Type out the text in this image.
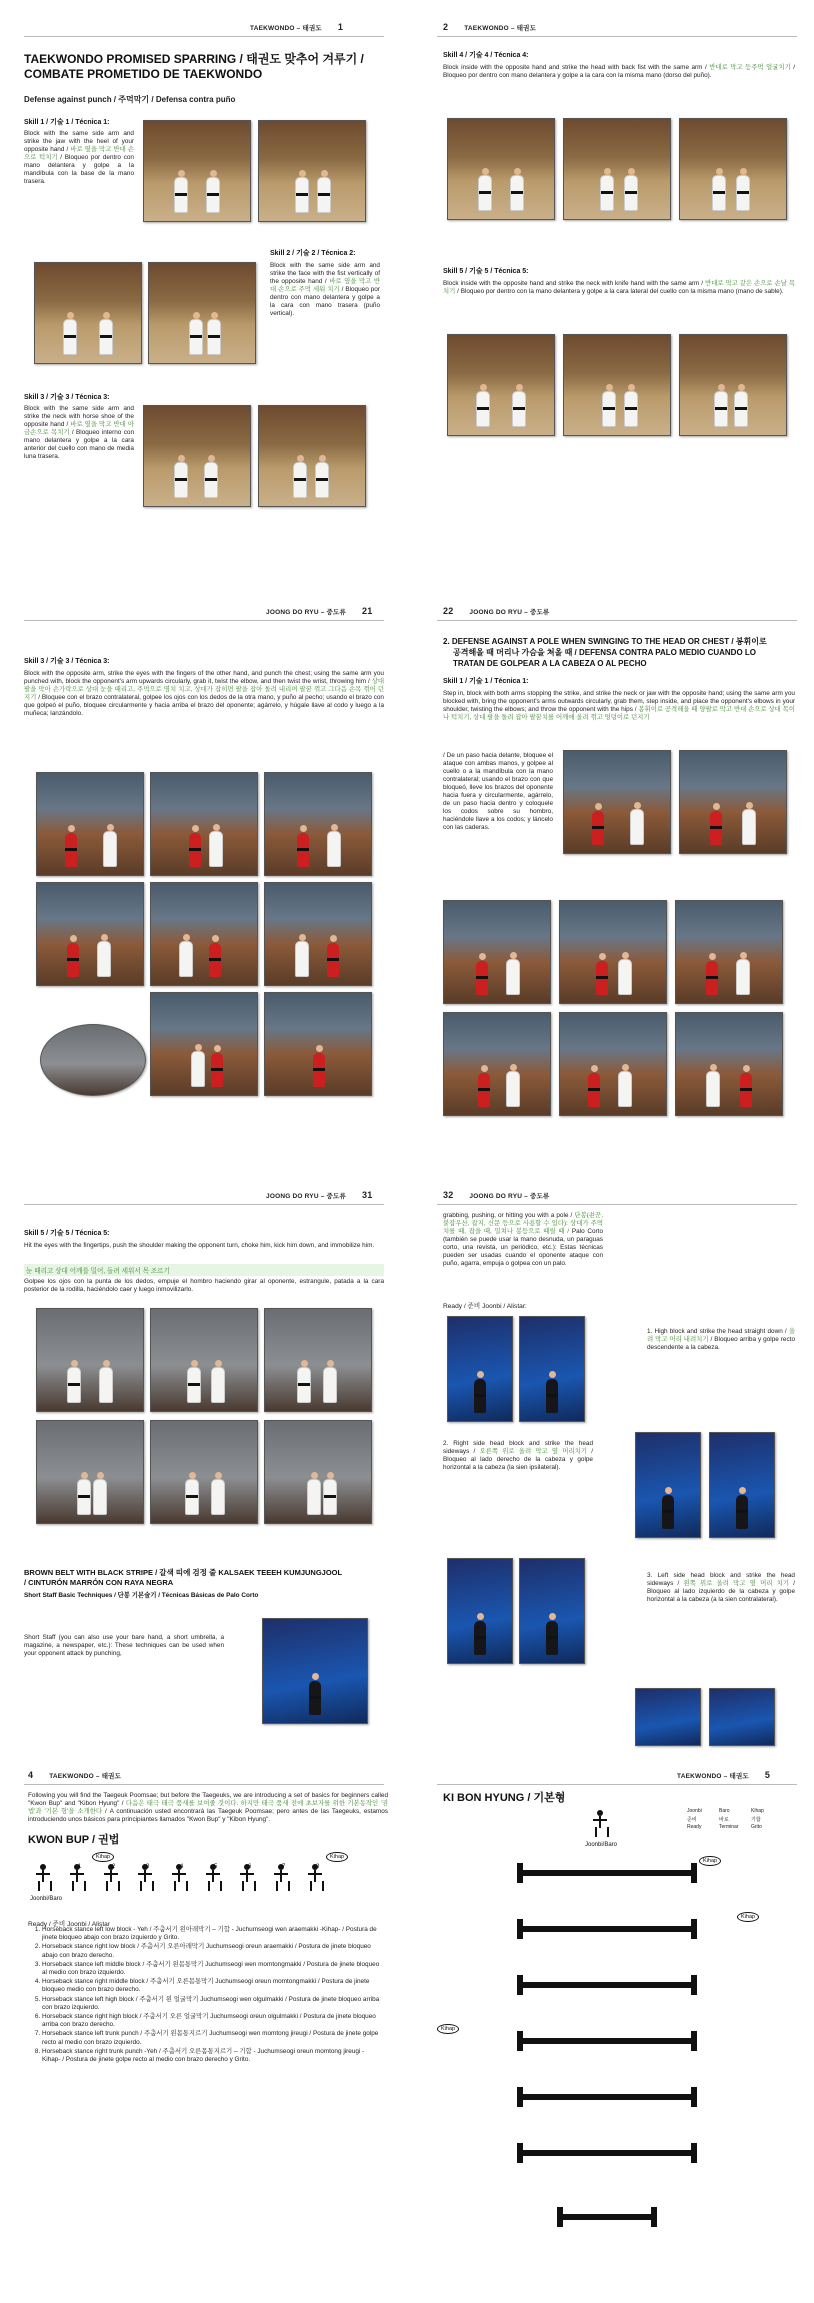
TAEKWONDO – 태권도 1
TAEKWONDO PROMISED SPARRING / 태권도 맞추어 겨루기 /
COMBATE PROMETIDO DE TAEKWONDO
Defense against punch / 주먹막기 / Defensa contra puño
Skill 1 / 기술 1 / Técnica 1:
Block with the same side arm and strike the jaw with the heel of your opposite hand / 바로 옆을 막고 반대 손으로 턱치기 / Bloqueo por dentro con mano delantera y golpe a la mandíbula con la base de la mano trasera.
Skill 2 / 기술 2 / Técnica 2:
Block with the same side arm and strike the face with the fist vertically of the opposite hand / 바로 옆을 막고 반대 손으로 주먹 세워 치기 / Bloqueo por dentro con mano delantera y golpe a la cara con mano trasera (puño vertical).
Skill 3 / 기술 3 / Técnica 3:
Block with the same side arm and strike the neck with horse shoe of the opposite hand / 바로 옆을 막고 반대 아금손으로 목치기 / Bloqueo interno con mano delantera y golpe a la cara anterior del cuello con mano de media luna trasera.
2 TAEKWONDO – 태권도
Skill 4 / 기술 4 / Técnica 4:
Block inside with the opposite hand and strike the head with back fist with the same arm / 반대로 막고 등주먹 얼굴치기 / Bloqueo por dentro con mano delantera y golpe a la cara con la misma mano (dorso del puño).
Skill 5 / 기술 5 / Técnica 5:
Block inside with the opposite hand and strike the neck with knife hand with the same arm / 반대로 막고 같은 손으로 손날 목치기 / Bloqueo por dentro con la mano delantera y golpe a la cara lateral del cuello con la misma mano (mano de sable).
JOONG DO RYU – 중도류 21
Skill 3 / 기술 3 / Técnica 3:
Block with the opposite arm, strike the eyes with the fingers of the other hand, and punch the chest; using the same arm you punched with, block the opponent's arm upwards circularly, grab it, twist the elbow, and then twist the wrist, throwing him / 상대 팔을 막아 손가락으로 상대 눈을 때리고, 주먹으로 명치 치고, 상대가 잡히면 팔을 잡아 돌려 내리며 팔꿈 꺾고 그다음 손목 꺾어 던지기 / Bloquee con el brazo contralateral, golpee los ojos con los dedos de la otra mano, y puño al pecho; usando el brazo con que golpeó el puño, bloquee circularmente y hacia arriba el brazo del oponente; agárrelo, y húgale llave al codo y luego a la muñeca; lanzándolo.
22 JOONG DO RYU – 중도류
2. DEFENSE AGAINST A POLE WHEN SWINGING TO THE HEAD OR CHEST / 봉휘이로
공격해올 때 머리나 가슴을 쳐올 때 / DEFENSA CONTRA PALO MEDIO CUANDO LO
TRATAN DE GOLPEAR A LA CABEZA O AL PECHO
Skill 1 / 기술 1 / Técnica 1:
Step in, block with both arms stopping the strike, and strike the neck or jaw with the opposite hand; using the same arm you blocked with, bring the opponent's arms outwards circularly, grab them, step inside, and place the opponent's elbows in your shoulder, twisting the elbows; and throw the opponent with the hips / 봉휘이로 공격해올 때 양팔로 막고 반대 손으로 상대 목이나 턱치기, 상대 팔을 돌려 잡아 팔꿈치를 어깨에 올려 꺾고 엉덩이로 던지기
/ De un paso hacia delante, bloquee el ataque con ambas manos, y golpee al cuello o a la mandíbula con la mano contralateral; usando el brazo con que bloqueó, lleve los brazos del oponente hacia fuera y circularmente, agárrelo, de un paso hacia dentro y coloquele los codos sobre su hombro, haciéndole llave a los codos; y láncelo con las caderas.
JOONG DO RYU – 중도류 31
Skill 5 / 기술 5 / Técnica 5:
Hit the eyes with the fingertips, push the shoulder making the opponent turn, choke him, kick him down, and immobilize him.
눈 때리고 상대 어깨를 밀어, 돌려 세워서 목 조르기
Golpee los ojos con la punta de los dedos, empuje el hombro haciendo girar al oponente, estrangule, patada a la cara posterior de la rodilla, haciéndolo caer y luego inmovilizarlo.
BROWN BELT WITH BLACK STRIPE / 갈색 띠에 검정 줄 KALSAEK TEEEH KUMJUNGJOOL
/ CINTURÓN MARRÓN CON RAYA NEGRA
Short Staff Basic Techniques / 단봉 기본술기 / Técnicas Básicas de Palo Corto
Short Staff (you can also use your bare hand, a short umbrella, a magazine, a newspaper, etc.): These techniques can be used when your opponent attack by punching,
32 JOONG DO RYU – 중도류
grabbing, pushing, or hitting you with a pole / 단봉(쇤꾼, 붙잡우산, 잡지, 신문 등으로 사용할 수 있다): 상대가 주먹 치를 때, 잡을 때, 밀쳐나 봉등으로 때릴 때 / Palo Corto (también se puede usar la mano desnuda, un paraguas corto, una revista, un periódico, etc.): Estas técnicas pueden ser usadas cuando el oponente ataque con puño, agarra, empuja o golpea con un palo.
Ready / 준비 Joonbi / Alistar:
1. High block and strike the head straight down / 올려 막고 머리 내려치기 / Bloqueo arriba y golpe recto descendente a la cabeza.
2. Right side head block and strike the head sideways / 오른쪽 위로 올려 막고 옆 머리치기 / Bloqueo al lado derecho de la cabeza y golpe horizontal a la cabeza (la sien ipsilateral).
3. Left side head block and strike the head sideways / 왼쪽 위로 올려 막고 옆 머리 치기 / Bloqueo al lado izquierdo de la cabeza y golpe horizontal a la cabeza (a la sien contralateral).
4 TAEKWONDO – 태권도
Following you will find the Taegeuk Poomsae; but before the Taegeuks, we are introducing a set of basics for beginners called "Kwon Bup" and "Kibon Hyung" / 다음은 태극 태극 품새를 보여줄 것이다. 하지만 태극 품새 전에 초보자를 위한 기본동작인 '권법'과 '기본 형'을 소개한다 / A continuación usted encontrará las Taegeuk Poomsae; pero antes de las Taegeuks, estamos introduciendo unos básicos para principiantes llamados "Kwon Bup" y "Kibon Hyung".
KWON BUP / 권법
Kihap	Kihap
Joonbi/Baro
1	2	3	4	5	6	7	8
Ready / 준비 Joonbi / Alistar
1. Horseback stance left low block - Yeh / 주춤서기 왼아래막기 – 기합 - Juchumseogi wen araemakki -Kihap- / Postura de jinete bloqueo abajo con brazo izquierdo y Grito.
2. Horseback stance right low block / 주춤서기 오른아래막기 Juchumseogi oreun araemakki / Postura de jinete bloqueo abajo con brazo derecho.
3. Horseback stance left middle block / 주춤서기 왼몸통막기 Juchumseogi wen momtongmakki / Postura de jinete bloqueo al medio con brazo izquierdo.
4. Horseback stance right middle block / 주춤서기 오른몸통막기 Juchumseogi oreun momtongmakki / Postura de jinete bloqueo medio con brazo derecho.
5. Horseback stance left high block / 주춤서기 왼 얼굴막기 Juchumseogi wen olgulmakki / Postura de jinete bloqueo arriba con brazo izquierdo.
6. Horseback stance right high block / 주춤서기 오른 얼굴막기 Juchumseogi oreun olgulmakki / Postura de jinete bloqueo arriba con brazo derecho.
7. Horseback stance left trunk punch / 주춤서기 왼몸통지르기 Juchumseogi wen momtong jireugi / Postura de jinete golpe recto al medio con brazo izquierdo.
8. Horseback stance right trunk punch -Yeh / 주춤서기 오른몸통지르기 – 기합 - Juchumseogi oreun momtong jireugi -Kihap- / Postura de jinete golpe recto al medio con brazo derecho y Grito.
TAEKWONDO – 태권도 5
KI BON HYUNG / 기본형
Joonbi	Baro	Kihap
준비	바로	기합
Ready	Terminar	Grito
Joonbi/Baro
Kihap
Kihap
Kihap
